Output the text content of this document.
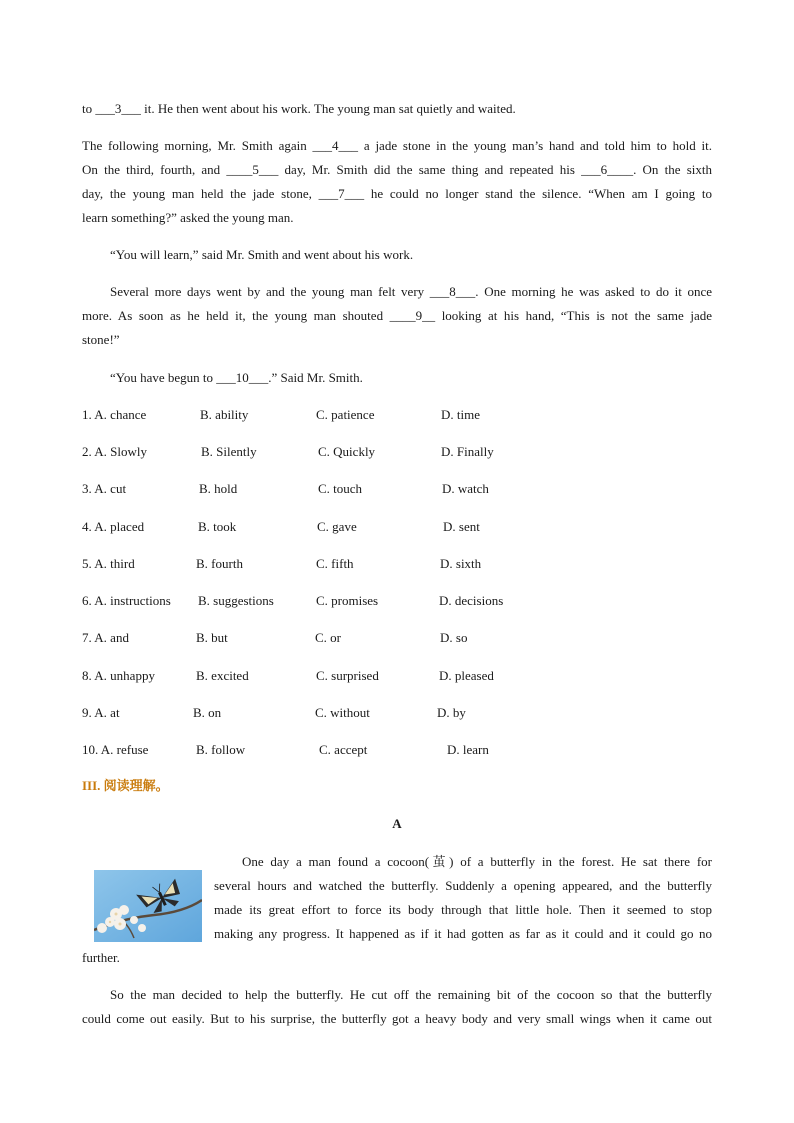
to ___3___ it. He then went about his work. The young man sat quietly and waited.
The following morning, Mr. Smith again ___4___ a jade stone in the young man’s hand and told him to hold it.
On the third, fourth, and ____5___ day, Mr. Smith did the same thing and repeated his ___6____. On the sixth
day, the young man held the jade stone, ___7___ he could no longer stand the silence. “When am I going to
learn something?” asked the young man.
“You will learn,” said Mr. Smith and went about his work.
Several more days went by and the young man felt very ___8___. One morning he was asked to do it once
more. As soon as he held it, the young man shouted ____9__ looking at his hand, “This is not the same jade
stone!”
“You have begun to ___10___.” Said Mr. Smith.
1. A. chance	B. ability	C. patience	D. time
2. A. Slowly	B. Silently	C. Quickly	D. Finally
3. A. cut	B. hold	C. touch	D. watch
4. A. placed	B. took	C. gave	D. sent
5. A. third	B. fourth	C. fifth	D. sixth
6. A. instructions B. suggestions	C. promises	D. decisions
7. A. and	B. but	C. or	D. so
8. A. unhappy	B. excited	C. surprised	D. pleased
9. A. at	B. on	C. without	D. by
10. A. refuse	B. follow	C. accept	D. learn
III. 阅读理解。
A
One day a man found a cocoon(茧) of a butterfly in the forest. He sat there for
several hours and watched the butterfly. Suddenly a opening appeared, and the butterfly
made its great effort to force its body through that little hole. Then it seemed to stop
making any progress. It happened as if it had gotten as far as it could and it could go no
further.
So the man decided to help the butterfly. He cut off the remaining bit of the cocoon so that the butterfly
could come out easily. But to his surprise, the butterfly got a heavy body and very small wings when it came out
